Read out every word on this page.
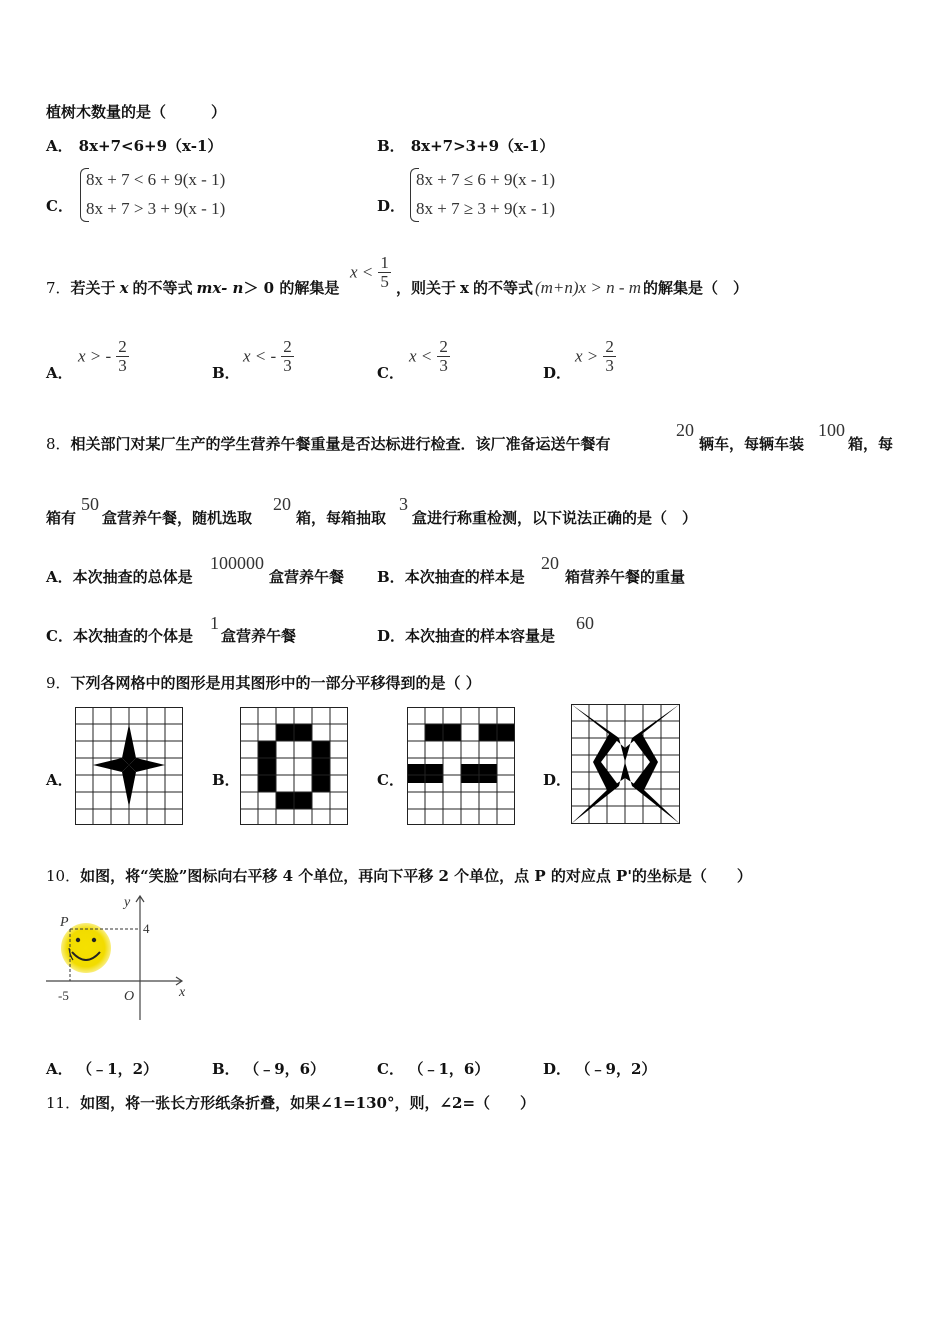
植树木数量的是（　　　）
A． 8x+7<6+9（x-1）	B． 8x+7>3+9（x-1）
C．
8x + 7 < 6 + 9(x - 1)
8x + 7 > 3 + 9(x - 1)	D．
8x + 7 ≤ 6 + 9(x - 1)
8x + 7 ≥ 3 + 9(x - 1)
7．若关于 x 的不等式 mx- n＞ 0 的解集是
$x < \frac{1}{5}$ ，则关于 x 的不等式 (m+n)x > n - m 的解集是（　）
A．
x > - $\frac{2}{3}$	B．
x < - $\frac{2}{3}$	C．
$x < \frac{2}{3}$	D．
$x > \frac{2}{3}$
8．相关部门对某厂生产的学生营养午餐重量是否达标进行检查．该厂准备运送午餐有
20
辆车，每辆车装
100
箱，每
箱有
50
盒营养午餐，随机选取
20
箱，每箱抽取
3
盒进行称重检测，以下说法正确的是（　）
A．本次抽查的总体是
100000
盒营养午餐 B．本次抽查的样本是
20
箱营养午餐的重量
C．本次抽查的个体是
1
盒营养午餐	D．本次抽查的样本容量是
60
9．下列各网格中的图形是用其图形中的一部分平移得到的是（ ）
A．	B．	C．	D．
10．如图，将“笑脸”图标向右平移 4 个单位，再向下平移 2 个单位，点 P 的对应点 P'的坐标是（　　）
P
y
4
-5	O	x
A． （﹣1，2）	B． （﹣9，6）	C． （﹣1，6）	D． （﹣9，2）
11．如图，将一张长方形纸条折叠，如果∠1=130°，则，∠2=（　　）
